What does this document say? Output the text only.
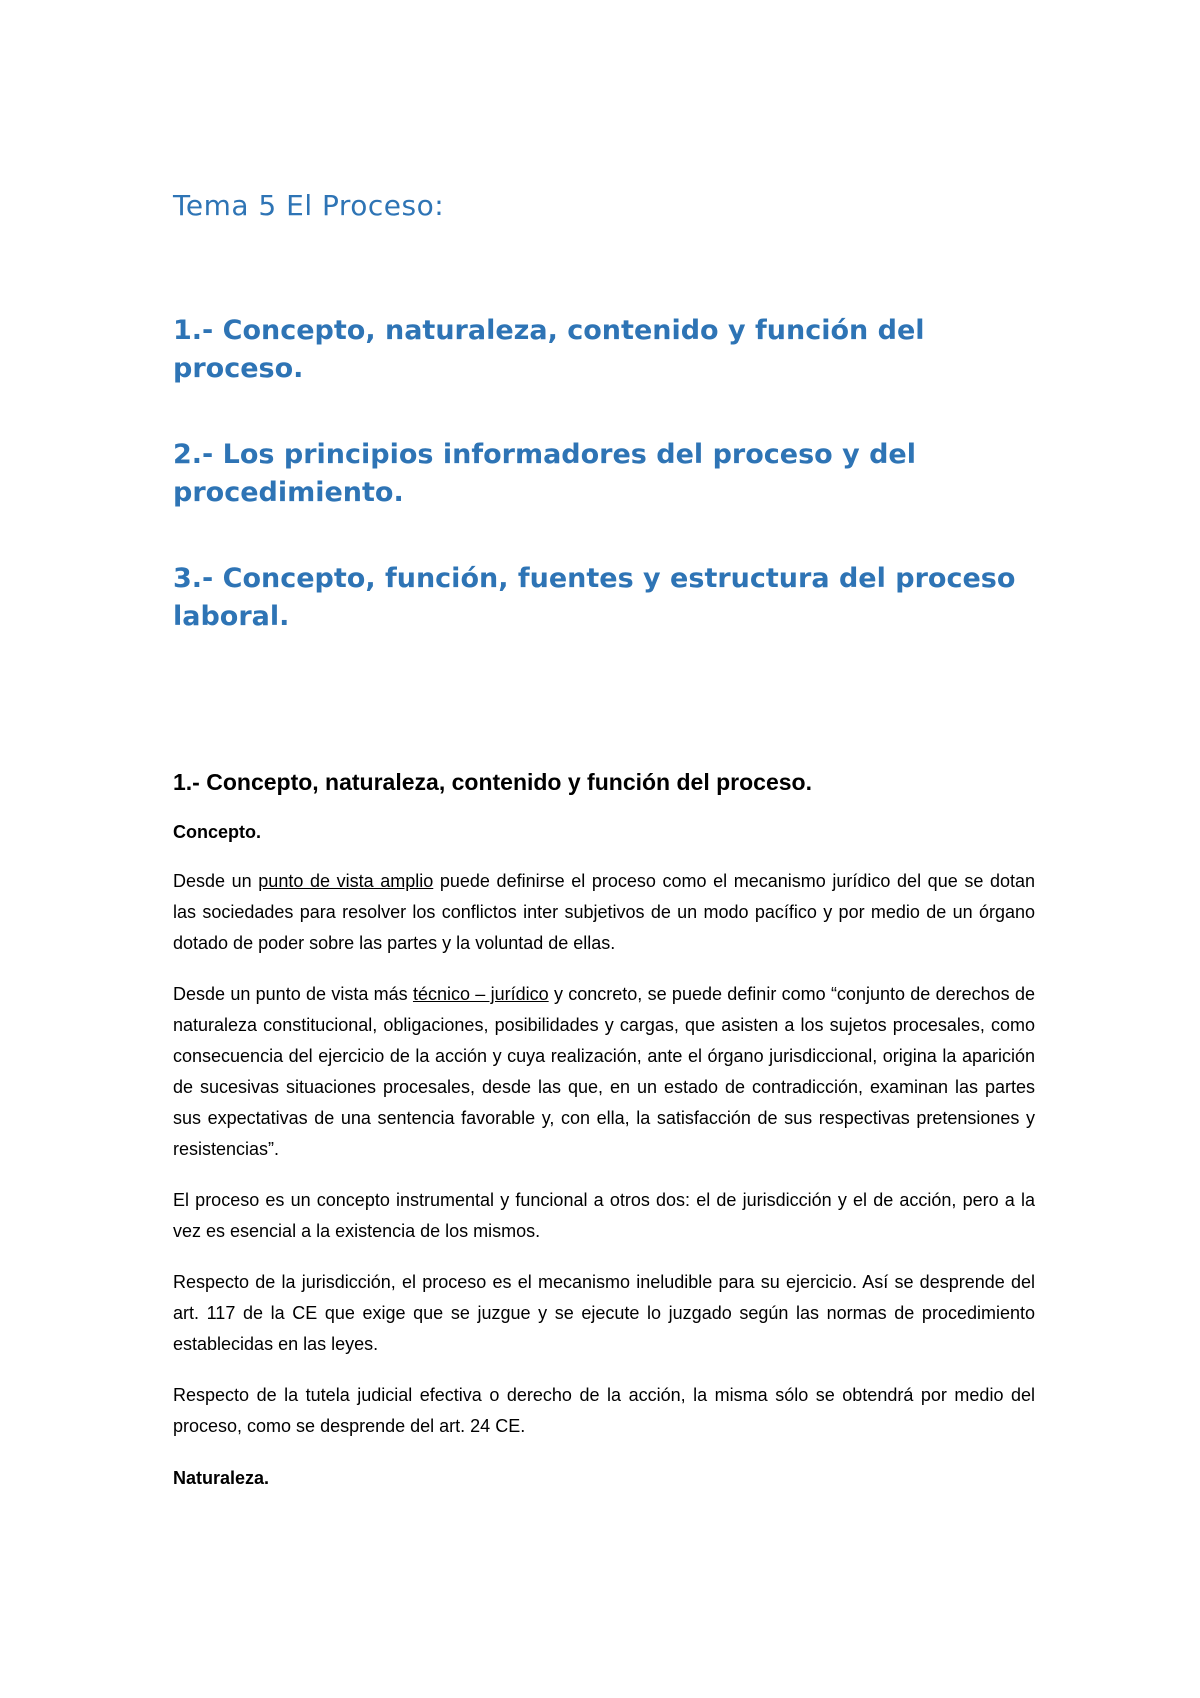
Tema 5 El Proceso:

1.- Concepto, naturaleza, contenido y función del proceso.

2.- Los principios informadores del proceso y del procedimiento.

3.- Concepto, función, fuentes y estructura del proceso laboral.

1.- Concepto, naturaleza, contenido y función del proceso.

Concepto.

Desde un punto de vista amplio puede definirse el proceso como el mecanismo jurídico del que se dotan las sociedades para resolver los conflictos inter subjetivos de un modo pacífico y por medio de un órgano dotado de poder sobre las partes y la voluntad de ellas.

Desde un punto de vista más técnico – jurídico y concreto, se puede definir como “conjunto de derechos de naturaleza constitucional, obligaciones, posibilidades y cargas, que asisten a los sujetos procesales, como consecuencia del ejercicio de la acción y cuya realización, ante el órgano jurisdiccional, origina la aparición de sucesivas situaciones procesales, desde las que, en un estado de contradicción, examinan las partes sus expectativas de una sentencia favorable y, con ella, la satisfacción de sus respectivas pretensiones y resistencias”.

El proceso es un concepto instrumental y funcional a otros dos: el de jurisdicción y el de acción, pero a la vez es esencial a la existencia de los mismos.

Respecto de la jurisdicción, el proceso es el mecanismo ineludible para su ejercicio. Así se desprende del art. 117 de la CE que exige que se juzgue y se ejecute lo juzgado según las normas de procedimiento establecidas en las leyes.

Respecto de la tutela judicial efectiva o derecho de la acción, la misma sólo se obtendrá por medio del proceso, como se desprende del art. 24 CE.

Naturaleza.
